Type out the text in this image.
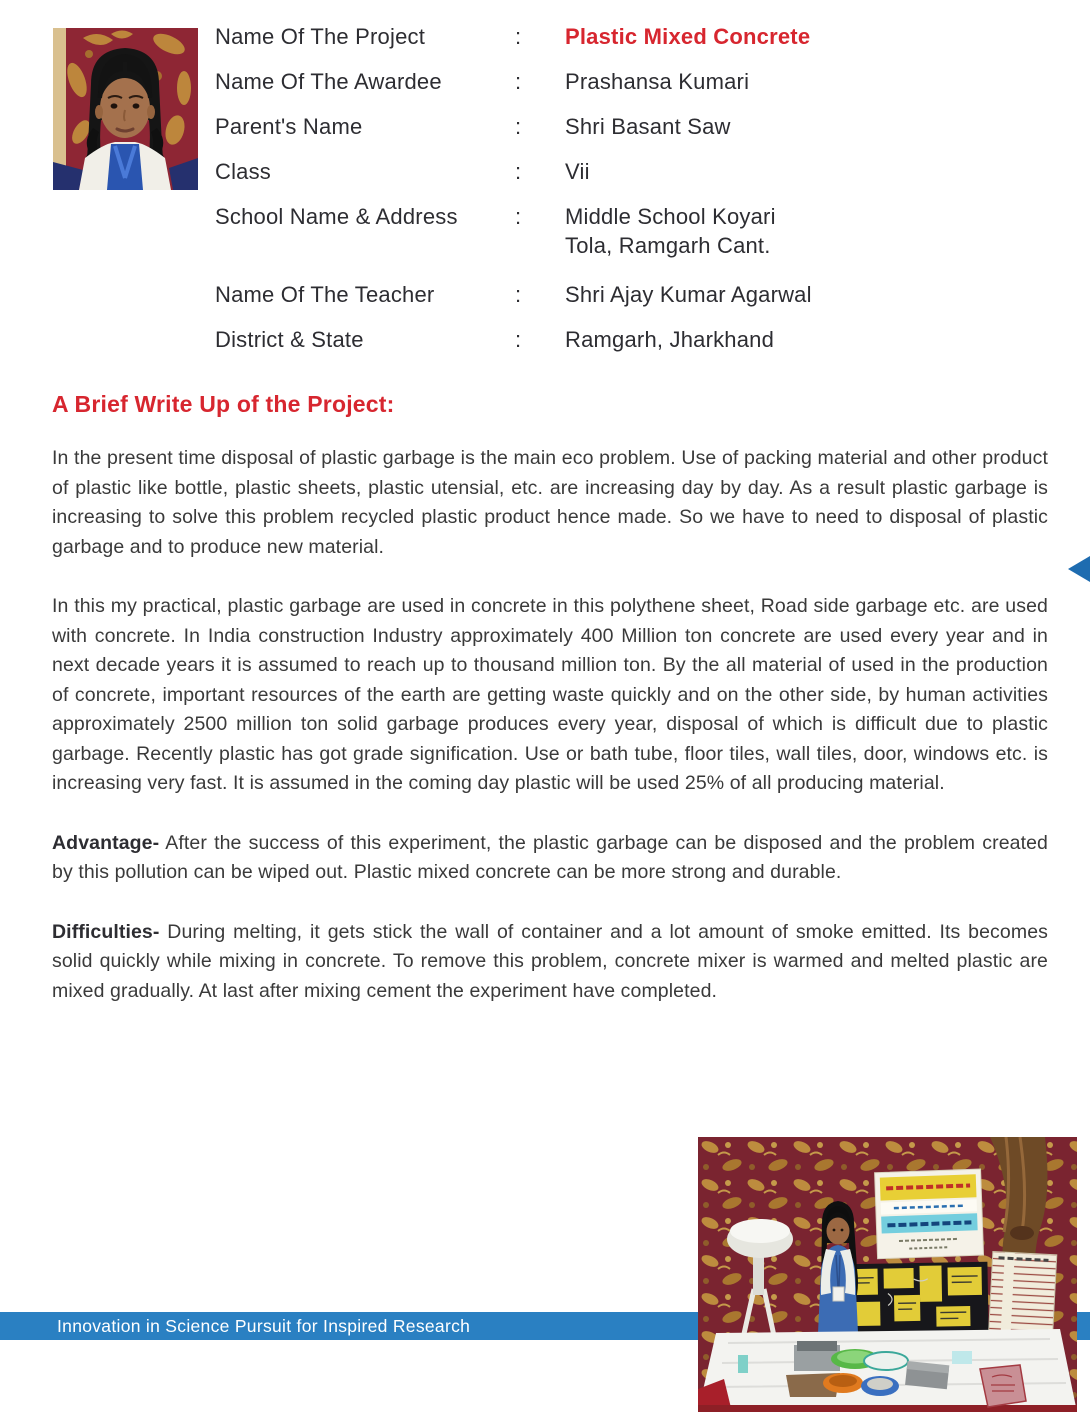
Name Of The Project	:	Plastic Mixed Concrete
Name Of The Awardee	:	Prashansa Kumari
Parent's Name	:	Shri Basant Saw
Class	:	Vii
School Name & Address	:	Middle School Koyari
Tola, Ramgarh Cant.
Name Of The Teacher	:	Shri Ajay Kumar Agarwal
District & State	:	Ramgarh, Jharkhand
A Brief Write Up of the Project:

In the present time disposal of plastic garbage is the main eco problem. Use of packing material and other product of plastic like bottle, plastic sheets, plastic utensial, etc. are increasing day by day. As a result plastic garbage is increasing to solve this problem recycled plastic product hence made. So we have to need to disposal of plastic garbage and to produce new material.

In this my practical, plastic garbage are used in concrete in this polythene sheet, Road side garbage etc. are used with concrete. In India construction Industry approximately 400 Million ton concrete are used every year and in next decade years it is assumed to reach up to thousand million ton. By the all material of used in the production of concrete, important resources of the earth are getting waste quickly and on the other side, by human activities approximately 2500 million ton solid garbage produces every year, disposal of which is difficult due to plastic garbage. Recently plastic has got grade signification. Use or bath tube, floor tiles, wall tiles, door, windows etc. is increasing very fast. It is assumed in the coming day plastic will be used 25% of all producing material.

Advantage- After the success of this experiment, the plastic garbage can be disposed and the problem created by this pollution can be wiped out. Plastic mixed concrete can be more strong and durable.

Difficulties- During melting, it gets stick the wall of container and a lot amount of smoke emitted. Its becomes solid quickly while mixing in concrete. To remove this problem, concrete mixer is warmed and melted plastic are mixed gradually. At last after mixing cement the experiment have completed.

Innovation in Science Pursuit for Inspired Research
